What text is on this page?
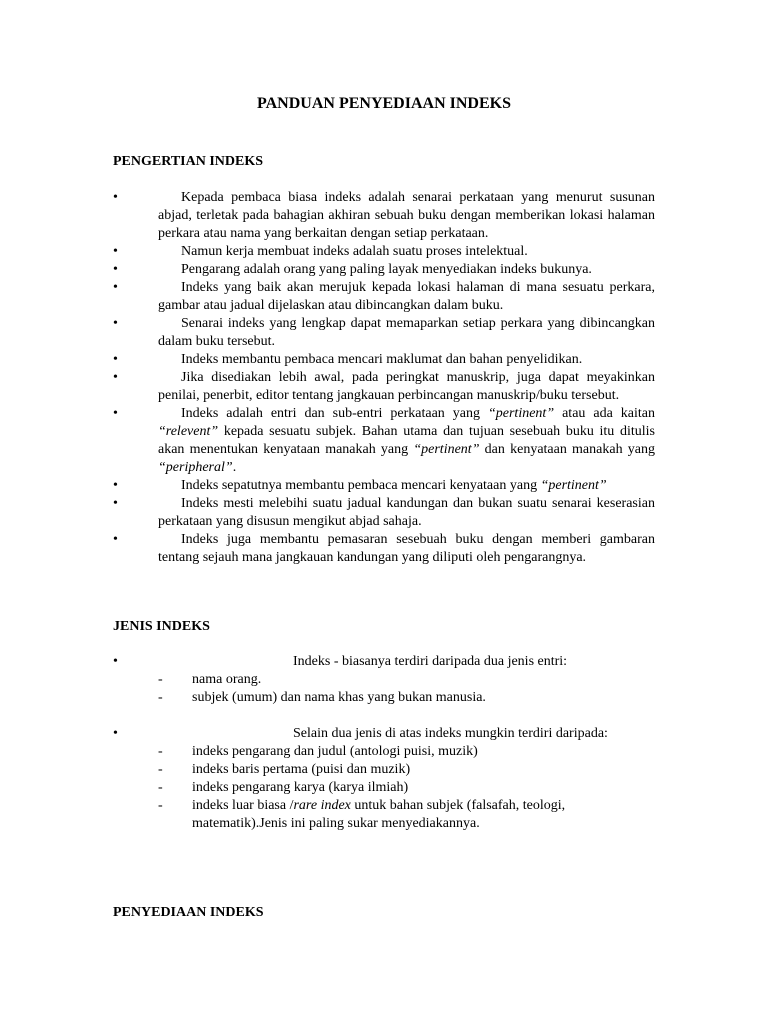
PANDUAN PENYEDIAAN INDEKS
PENGERTIAN INDEKS
•	Kepada pembaca biasa indeks adalah senarai perkataan yang menurut susunan abjad, terletak pada bahagian akhiran sebuah buku dengan memberikan lokasi halaman perkara atau nama yang berkaitan dengan setiap perkataan.
•	Namun kerja membuat indeks adalah suatu proses intelektual.
•	Pengarang adalah orang yang paling layak menyediakan indeks bukunya.
•	Indeks yang baik akan merujuk kepada lokasi halaman di mana sesuatu perkara, gambar atau jadual dijelaskan atau dibincangkan dalam buku.
•	Senarai indeks yang lengkap dapat memaparkan setiap perkara yang dibincangkan dalam buku tersebut.
•	Indeks membantu pembaca mencari maklumat dan bahan penyelidikan.
•	Jika disediakan lebih awal, pada peringkat manuskrip, juga dapat meyakinkan penilai, penerbit, editor tentang jangkauan perbincangan manuskrip/buku tersebut.
•	Indeks adalah entri dan sub-entri perkataan yang “pertinent” atau ada kaitan “relevent” kepada sesuatu subjek. Bahan utama dan tujuan sesebuah buku itu ditulis akan menentukan kenyataan manakah yang “pertinent” dan kenyataan manakah yang “peripheral”.
•	Indeks sepatutnya membantu pembaca mencari kenyataan yang “pertinent”
•	Indeks mesti melebihi suatu jadual kandungan dan bukan suatu senarai keserasian perkataan yang disusun mengikut abjad sahaja.
•	Indeks juga membantu pemasaran sesebuah buku dengan memberi gambaran tentang sejauh mana jangkauan kandungan yang diliputi oleh pengarangnya.
JENIS INDEKS
•	Indeks - biasanya terdiri daripada dua jenis entri:
- nama orang.
- subjek (umum) dan nama khas yang bukan manusia.
•	Selain dua jenis di atas indeks mungkin terdiri daripada:
- indeks pengarang dan judul (antologi puisi, muzik)
- indeks baris pertama (puisi dan muzik)
- indeks pengarang karya (karya ilmiah)
- indeks luar biasa /rare index untuk bahan subjek (falsafah, teologi, matematik).Jenis ini paling sukar menyediakannya.
PENYEDIAAN INDEKS
